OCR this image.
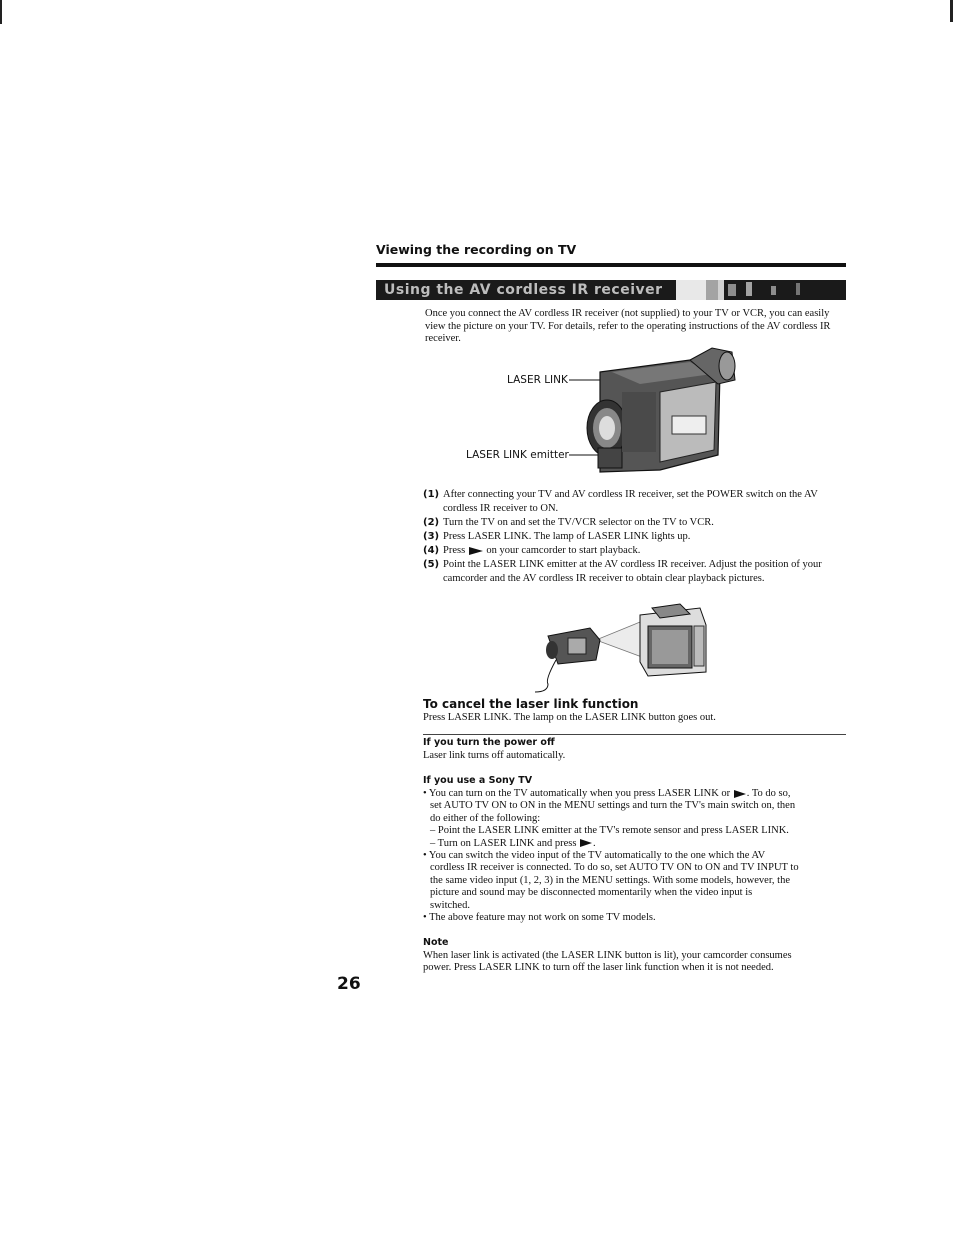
Viewing the recording on TV
Using the AV cordless IR receiver
Once you connect the AV cordless IR receiver (not supplied) to your TV or VCR, you can easily view the picture on your TV. For details, refer to the operating instructions of the AV cordless IR receiver.
LASER LINK
LASER LINK emitter
(1) After connecting your TV and AV cordless IR receiver, set the POWER switch on the AV cordless IR receiver to ON.
(2) Turn the TV on and set the TV/VCR selector on the TV to VCR.
(3) Press LASER LINK. The lamp of LASER LINK lights up.
(4) Press on your camcorder to start playback.
(5) Point the LASER LINK emitter at the AV cordless IR receiver. Adjust the position of your camcorder and the AV cordless IR receiver to obtain clear playback pictures.
To cancel the laser link function
Press LASER LINK. The lamp on the LASER LINK button goes out.
If you turn the power off
Laser link turns off automatically.
If you use a Sony TV
• You can turn on the TV automatically when you press LASER LINK or . To do so,
set AUTO TV ON to ON in the MENU settings and turn the TV's main switch on, then
do either of the following:
– Point the LASER LINK emitter at the TV's remote sensor and press LASER LINK.
– Turn on LASER LINK and press .
• You can switch the video input of the TV automatically to the one which the AV
cordless IR receiver is connected. To do so, set AUTO TV ON to ON and TV INPUT to
the same video input (1, 2, 3) in the MENU settings. With some models, however, the
picture and sound may be disconnected momentarily when the video input is
switched.
• The above feature may not work on some TV models.
Note
When laser link is activated (the LASER LINK button is lit), your camcorder consumes
power. Press LASER LINK to turn off the laser link function when it is not needed.
26
